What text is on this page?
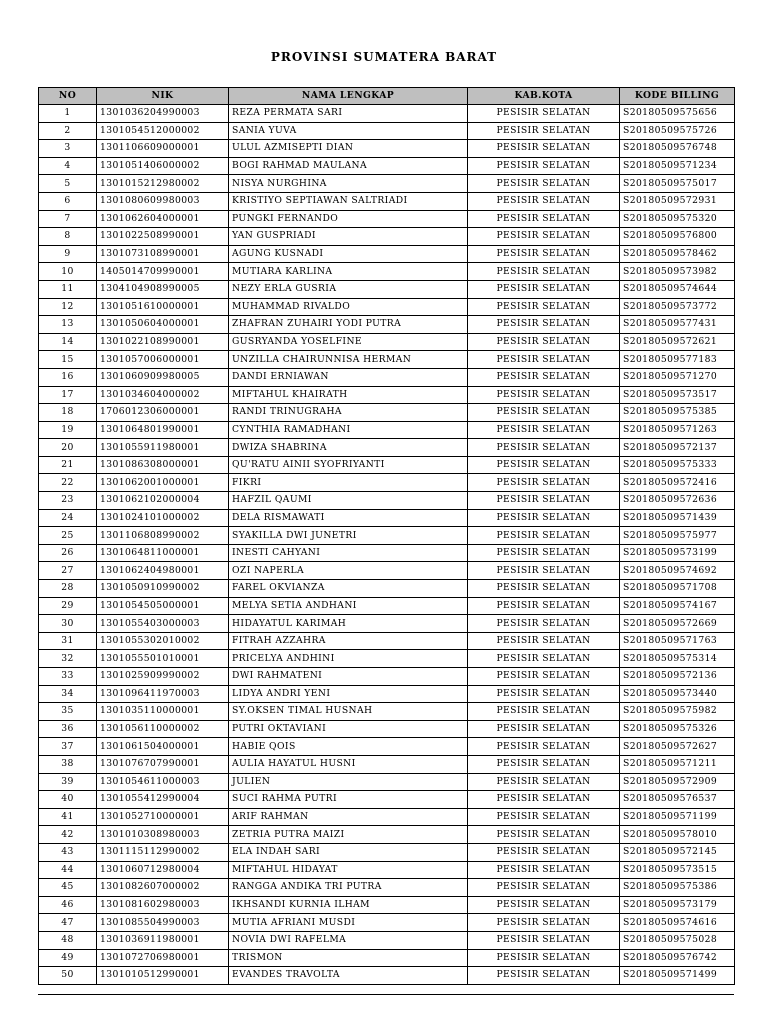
PROVINSI SUMATERA BARAT
NO	NIK	NAMA LENGKAP	KAB.KOTA	KODE BILLING
1	1301036204990003	REZA PERMATA SARI	PESISIR SELATAN	S20180509575656
2	1301054512000002	SANIA YUVA	PESISIR SELATAN	S20180509575726
3	1301106609000001	ULUL AZMISEPTI DIAN	PESISIR SELATAN	S20180509576748
4	1301051406000002	BOGI RAHMAD MAULANA	PESISIR SELATAN	S20180509571234
5	1301015212980002	NISYA NURGHINA	PESISIR SELATAN	S20180509575017
6	1301080609980003	KRISTIYO SEPTIAWAN SALTRIADI	PESISIR SELATAN	S20180509572931
7	1301062604000001	PUNGKI FERNANDO	PESISIR SELATAN	S20180509575320
8	1301022508990001	YAN GUSPRIADI	PESISIR SELATAN	S20180509576800
9	1301073108990001	AGUNG KUSNADI	PESISIR SELATAN	S20180509578462
10	1405014709990001	MUTIARA KARLINA	PESISIR SELATAN	S20180509573982
11	1304104908990005	NEZY ERLA GUSRIA	PESISIR SELATAN	S20180509574644
12	1301051610000001	MUHAMMAD RIVALDO	PESISIR SELATAN	S20180509573772
13	1301050604000001	ZHAFRAN ZUHAIRI YODI PUTRA	PESISIR SELATAN	S20180509577431
14	1301022108990001	GUSRYANDA YOSELFINE	PESISIR SELATAN	S20180509572621
15	1301057006000001	UNZILLA CHAIRUNNISA HERMAN	PESISIR SELATAN	S20180509577183
16	1301060909980005	DANDI ERNIAWAN	PESISIR SELATAN	S20180509571270
17	1301034604000002	MIFTAHUL KHAIRATH	PESISIR SELATAN	S20180509573517
18	1706012306000001	RANDI TRINUGRAHA	PESISIR SELATAN	S20180509575385
19	1301064801990001	CYNTHIA RAMADHANI	PESISIR SELATAN	S20180509571263
20	1301055911980001	DWIZA SHABRINA	PESISIR SELATAN	S20180509572137
21	1301086308000001	QU'RATU AINII SYOFRIYANTI	PESISIR SELATAN	S20180509575333
22	1301062001000001	FIKRI	PESISIR SELATAN	S20180509572416
23	1301062102000004	HAFZIL QAUMI	PESISIR SELATAN	S20180509572636
24	1301024101000002	DELA RISMAWATI	PESISIR SELATAN	S20180509571439
25	1301106808990002	SYAKILLA DWI JUNETRI	PESISIR SELATAN	S20180509575977
26	1301064811000001	INESTI CAHYANI	PESISIR SELATAN	S20180509573199
27	1301062404980001	OZI NAPERLA	PESISIR SELATAN	S20180509574692
28	1301050910990002	FAREL OKVIANZA	PESISIR SELATAN	S20180509571708
29	1301054505000001	MELYA SETIA ANDHANI	PESISIR SELATAN	S20180509574167
30	1301055403000003	HIDAYATUL KARIMAH	PESISIR SELATAN	S20180509572669
31	1301055302010002	FITRAH AZZAHRA	PESISIR SELATAN	S20180509571763
32	1301055501010001	PRICELYA ANDHINI	PESISIR SELATAN	S20180509575314
33	1301025909990002	DWI RAHMATENI	PESISIR SELATAN	S20180509572136
34	1301096411970003	LIDYA ANDRI YENI	PESISIR SELATAN	S20180509573440
35	1301035110000001	SY.OKSEN TIMAL HUSNAH	PESISIR SELATAN	S20180509575982
36	1301056110000002	PUTRI OKTAVIANI	PESISIR SELATAN	S20180509575326
37	1301061504000001	HABIE QOIS	PESISIR SELATAN	S20180509572627
38	1301076707990001	AULIA HAYATUL HUSNI	PESISIR SELATAN	S20180509571211
39	1301054611000003	JULIEN	PESISIR SELATAN	S20180509572909
40	1301055412990004	SUCI RAHMA PUTRI	PESISIR SELATAN	S20180509576537
41	1301052710000001	ARIF RAHMAN	PESISIR SELATAN	S20180509571199
42	1301010308980003	ZETRIA PUTRA MAIZI	PESISIR SELATAN	S20180509578010
43	1301115112990002	ELA INDAH SARI	PESISIR SELATAN	S20180509572145
44	1301060712980004	MIFTAHUL HIDAYAT	PESISIR SELATAN	S20180509573515
45	1301082607000002	RANGGA ANDIKA TRI PUTRA	PESISIR SELATAN	S20180509575386
46	1301081602980003	IKHSANDI KURNIA ILHAM	PESISIR SELATAN	S20180509573179
47	1301085504990003	MUTIA AFRIANI MUSDI	PESISIR SELATAN	S20180509574616
48	1301036911980001	NOVIA DWI RAFELMA	PESISIR SELATAN	S20180509575028
49	1301072706980001	TRISMON	PESISIR SELATAN	S20180509576742
50	1301010512990001	EVANDES TRAVOLTA	PESISIR SELATAN	S20180509571499
